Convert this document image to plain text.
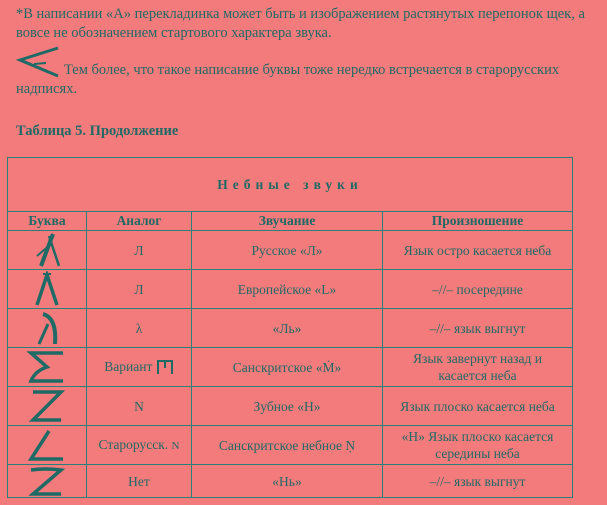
*В написании «A» перекладинка может быть и изображением растянутых перепонок щек, а вовсе не обозначением стартового характера звука.
Тем более, что такое написание буквы тоже нередко встречается в старорусских надписях.
Таблица 5. Продолжение
Небные звуки			
Буква	Аналог	Звучание	Произношение

	Л	Русское «Л»	Язык остро касается неба

	Л	Европейское «L»	–//– посередине

	λ	«Ль»	–//– язык выгнут

	Вариант	Санскритское «Ṁ»	Язык завернут назад и касается неба

	N	Зубное «Н»	Язык плоско касается неба

	Старорусск. N	Санскритское небное Ṇ	«Н» Язык плоско касается середины неба

	Нет	«Нь»	–//– язык выгнут
